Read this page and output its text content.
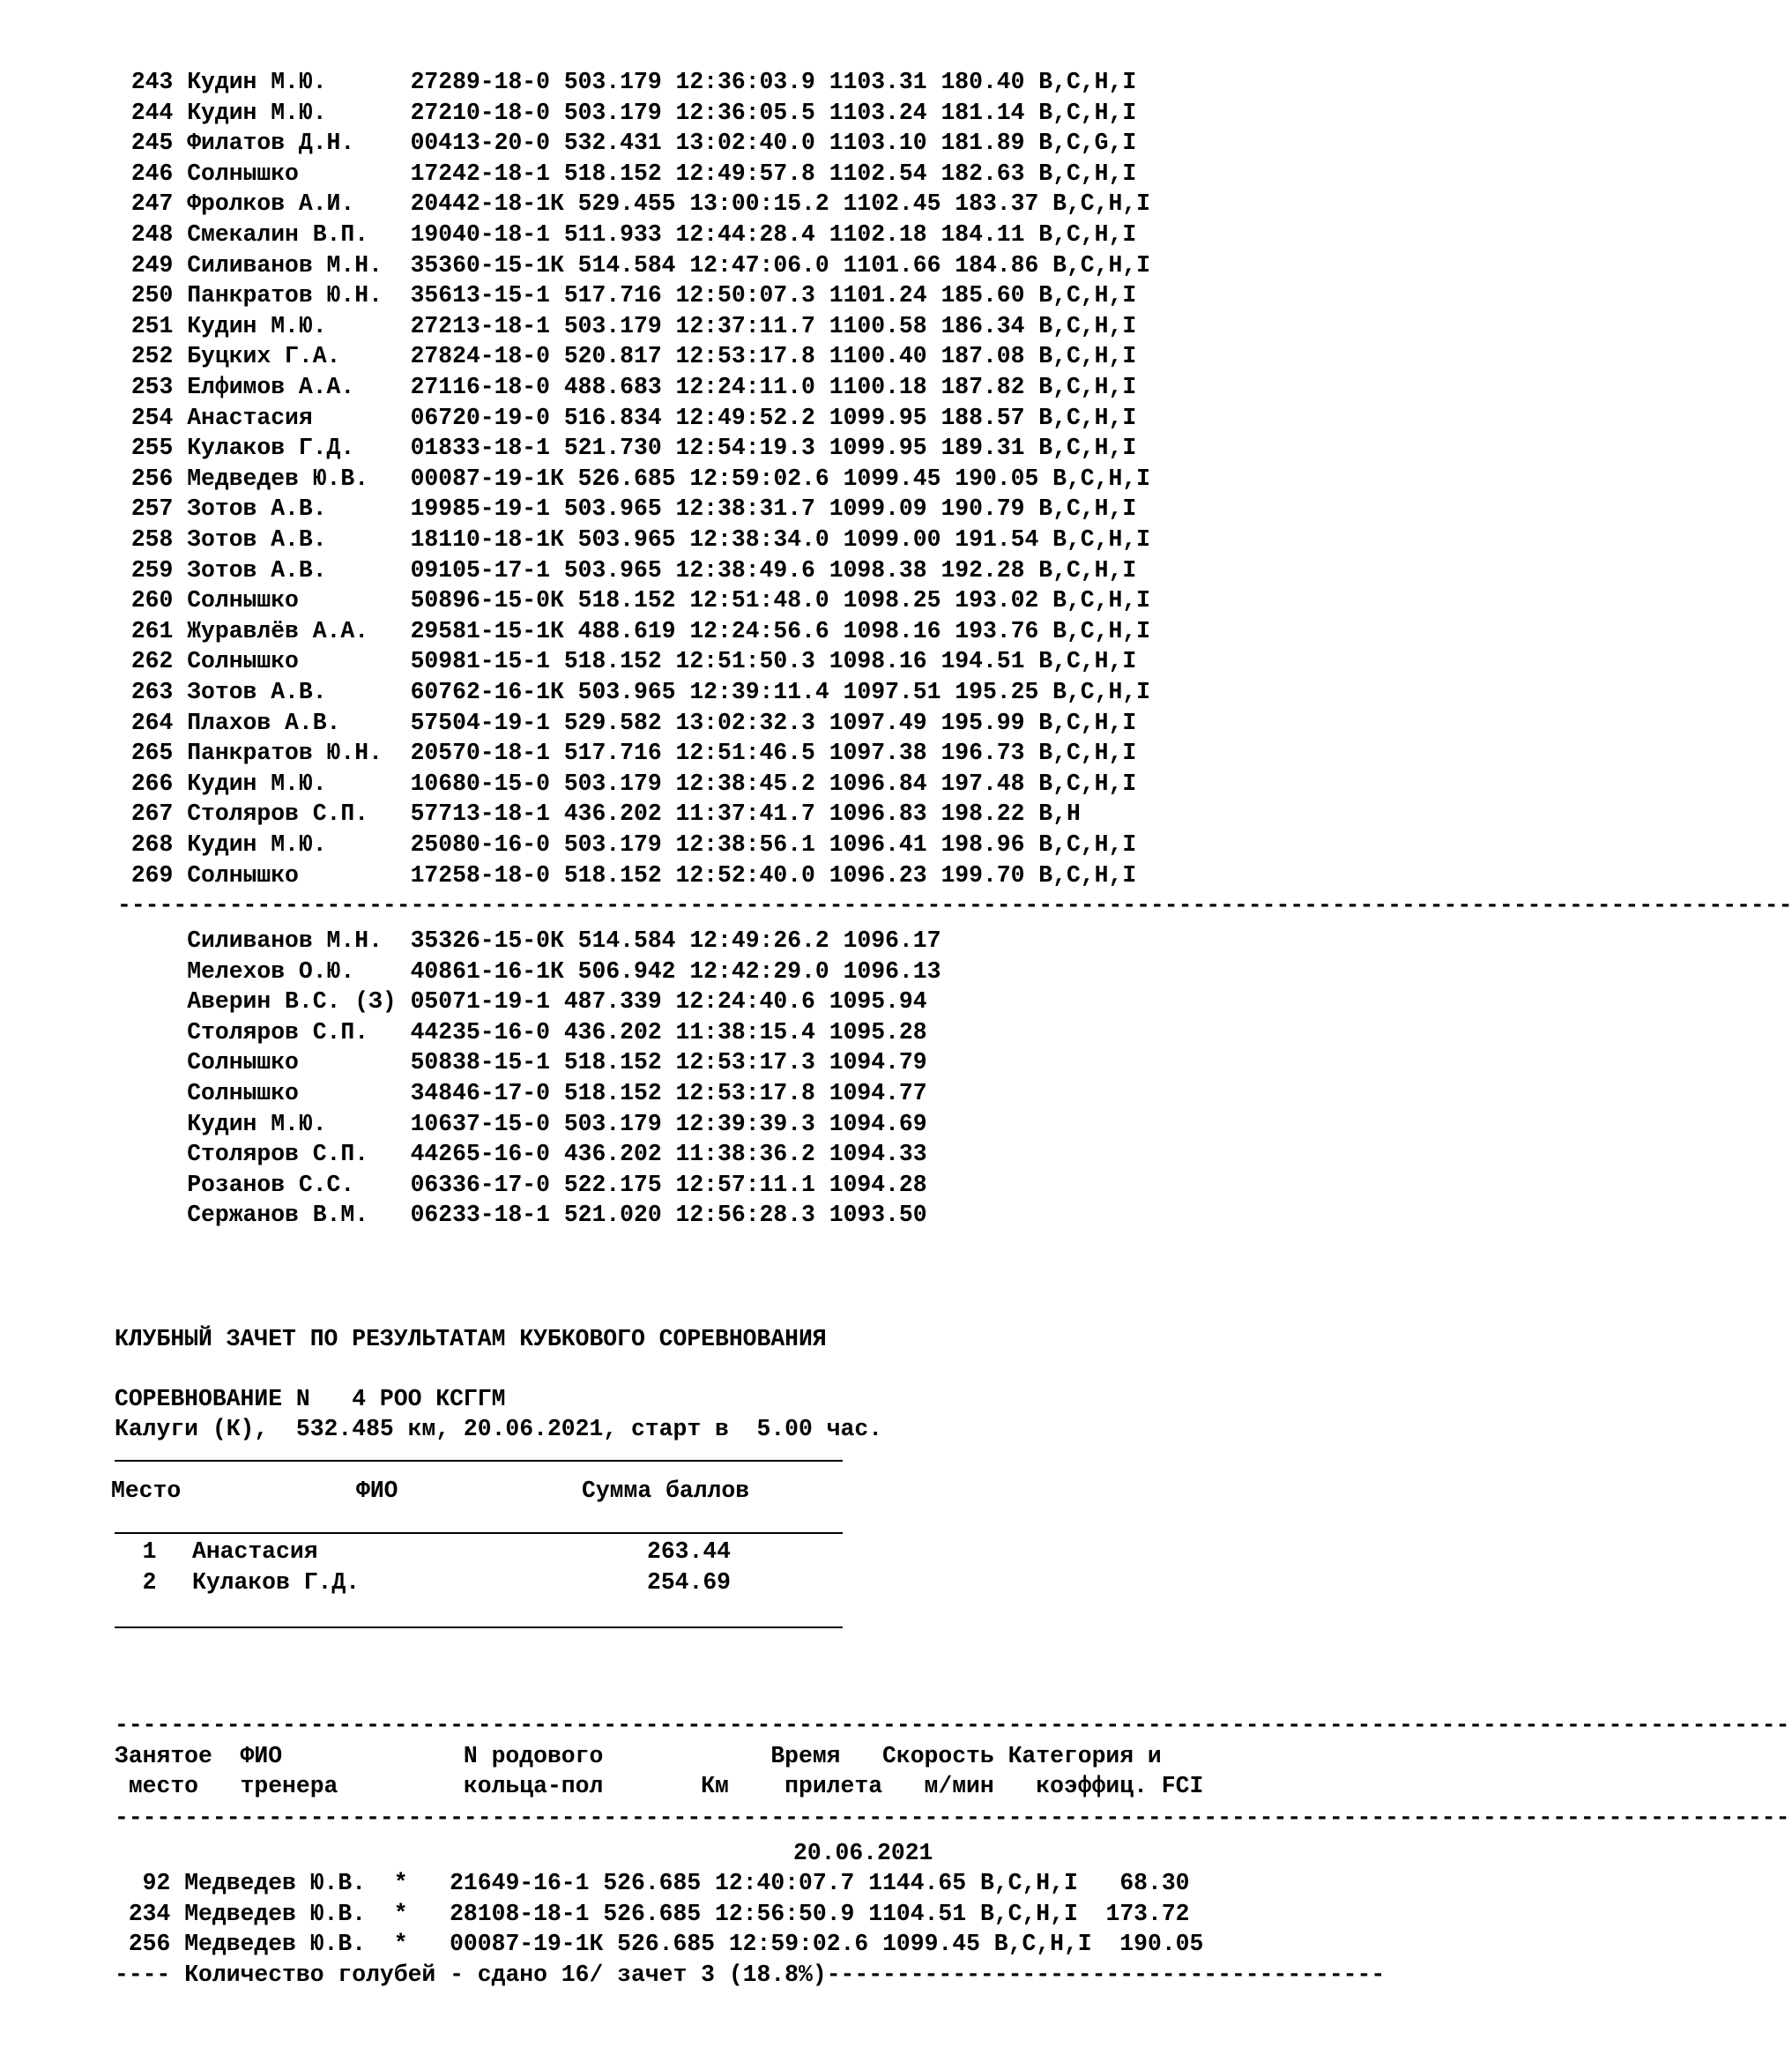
243 Кудин М.Ю.      27289-18-0 503.179 12:36:03.9 1103.31 180.40 B,C,H,I
244 Кудин М.Ю.      27210-18-0 503.179 12:36:05.5 1103.24 181.14 B,C,H,I
245 Филатов Д.Н.    00413-20-0 532.431 13:02:40.0 1103.10 181.89 B,C,G,I
246 Солнышко        17242-18-1 518.152 12:49:57.8 1102.54 182.63 B,C,H,I
247 Фролков А.И.    20442-18-1К 529.455 13:00:15.2 1102.45 183.37 B,C,H,I
248 Смекалин В.П.   19040-18-1 511.933 12:44:28.4 1102.18 184.11 B,C,H,I
249 Силиванов М.Н.  35360-15-1К 514.584 12:47:06.0 1101.66 184.86 B,C,H,I
250 Панкратов Ю.Н.  35613-15-1 517.716 12:50:07.3 1101.24 185.60 B,C,H,I
251 Кудин М.Ю.      27213-18-1 503.179 12:37:11.7 1100.58 186.34 B,C,H,I
252 Буцких Г.А.     27824-18-0 520.817 12:53:17.8 1100.40 187.08 B,C,H,I
253 Елфимов А.А.    27116-18-0 488.683 12:24:11.0 1100.18 187.82 B,C,H,I
254 Анастасия       06720-19-0 516.834 12:49:52.2 1099.95 188.57 B,C,H,I
255 Кулаков Г.Д.    01833-18-1 521.730 12:54:19.3 1099.95 189.31 B,C,H,I
256 Медведев Ю.В.   00087-19-1К 526.685 12:59:02.6 1099.45 190.05 B,C,H,I
257 Зотов А.В.      19985-19-1 503.965 12:38:31.7 1099.09 190.79 B,C,H,I
258 Зотов А.В.      18110-18-1К 503.965 12:38:34.0 1099.00 191.54 B,C,H,I
259 Зотов А.В.      09105-17-1 503.965 12:38:49.6 1098.38 192.28 B,C,H,I
260 Солнышко        50896-15-0К 518.152 12:51:48.0 1098.25 193.02 B,C,H,I
261 Журавлёв А.А.   29581-15-1К 488.619 12:24:56.6 1098.16 193.76 B,C,H,I
262 Солнышко        50981-15-1 518.152 12:51:50.3 1098.16 194.51 B,C,H,I
263 Зотов А.В.      60762-16-1К 503.965 12:39:11.4 1097.51 195.25 B,C,H,I
264 Плахов А.В.     57504-19-1 529.582 13:02:32.3 1097.49 195.99 B,C,H,I
265 Панкратов Ю.Н.  20570-18-1 517.716 12:51:46.5 1097.38 196.73 B,C,H,I
266 Кудин М.Ю.      10680-15-0 503.179 12:38:45.2 1096.84 197.48 B,C,H,I
267 Столяров С.П.   57713-18-1 436.202 11:37:41.7 1096.83 198.22 B,H
268 Кудин М.Ю.      25080-16-0 503.179 12:38:56.1 1096.41 198.96 B,C,H,I
269 Солнышко        17258-18-0 518.152 12:52:40.0 1096.23 199.70 B,C,H,I
------------------------------------------------------------------------------------------------------------------------
Силиванов М.Н.  35326-15-0К 514.584 12:49:26.2 1096.17
Мелехов О.Ю.    40861-16-1К 506.942 12:42:29.0 1096.13
Аверин В.С. (З) 05071-19-1 487.339 12:24:40.6 1095.94
Столяров С.П.   44235-16-0 436.202 11:38:15.4 1095.28
Солнышко        50838-15-1 518.152 12:53:17.3 1094.79
Солнышко        34846-17-0 518.152 12:53:17.8 1094.77
Кудин М.Ю.      10637-15-0 503.179 12:39:39.3 1094.69
Столяров С.П.   44265-16-0 436.202 11:38:36.2 1094.33
Розанов С.С.    06336-17-0 522.175 12:57:11.1 1094.28
Сержанов В.М.   06233-18-1 521.020 12:56:28.3 1093.50
КЛУБНЫЙ ЗАЧЕТ ПО РЕЗУЛЬТАТАМ КУБКОВОГО СОРЕВНОВАНИЯ
СОРЕВНОВАНИЕ N   4 РОО КСГГМ
Калуги (К),  532.485 км, 20.06.2021, старт в  5.00 час.
Место	ФИО	Сумма баллов
1 Анастасия	263.44
2 Кулаков Г.Д.	254.69
------------------------------------------------------------------------------------------------------------------------
Занятое  ФИО             N родового            Время   Скорость Категория и
место   тренера         кольца-пол       Км    прилета   м/мин   коэффиц. FCI
------------------------------------------------------------------------------------------------------------------------
20.06.2021
92 Медведев Ю.В.  *   21649-16-1 526.685 12:40:07.7 1144.65 B,C,H,I   68.30
234 Медведев Ю.В.  *   28108-18-1 526.685 12:56:50.9 1104.51 B,C,H,I  173.72
256 Медведев Ю.В.  *   00087-19-1К 526.685 12:59:02.6 1099.45 B,C,H,I  190.05
---- Количество голубей - сдано 16/ зачет 3 (18.8%)----------------------------------------
